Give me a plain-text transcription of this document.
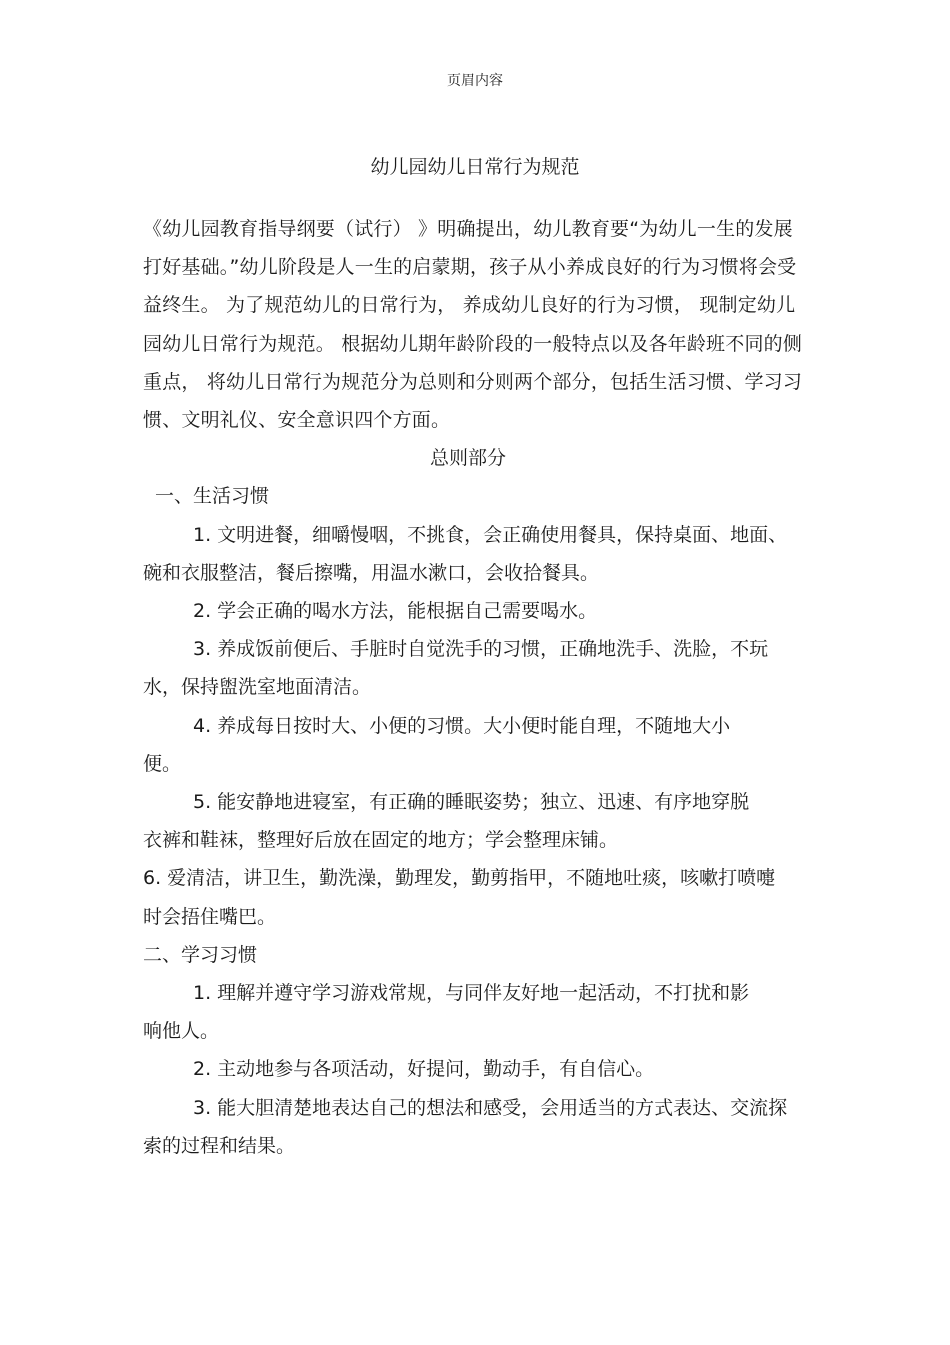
页眉内容
幼儿园幼儿日常行为规范

《幼儿园教育指导纲要（试行） 》明确提出，幼儿教育要“为幼儿一生的发展打好基础。”幼儿阶段是人一生的启蒙期，孩子从小养成良好的行为习惯将会受益终生。 为了规范幼儿的日常行为， 养成幼儿良好的行为习惯， 现制定幼儿园幼儿日常行为规范。 根据幼儿期年龄阶段的一般特点以及各年龄班不同的侧重点， 将幼儿日常行为规范分为总则和分则两个部分，包括生活习惯、学习习惯、文明礼仪、安全意识四个方面。

总则部分

一、生活习惯

1. 文明进餐，细嚼慢咽，不挑食，会正确使用餐具，保持桌面、地面、碗和衣服整洁，餐后擦嘴，用温水漱口，会收拾餐具。

2. 学会正确的喝水方法，能根据自己需要喝水。

3. 养成饭前便后、手脏时自觉洗手的习惯，正确地洗手、洗脸，不玩水，保持盥洗室地面清洁。

4. 养成每日按时大、小便的习惯。大小便时能自理，不随地大小便。

5. 能安静地进寝室，有正确的睡眠姿势；独立、迅速、有序地穿脱衣裤和鞋袜，整理好后放在固定的地方；学会整理床铺。

6. 爱清洁，讲卫生，勤洗澡，勤理发，勤剪指甲，不随地吐痰，咳嗽打喷嚏时会捂住嘴巴。

二、学习习惯

1. 理解并遵守学习游戏常规，与同伴友好地一起活动，不打扰和影响他人。

2. 主动地参与各项活动，好提问，勤动手，有自信心。

3. 能大胆清楚地表达自己的想法和感受，会用适当的方式表达、交流探索的过程和结果。
